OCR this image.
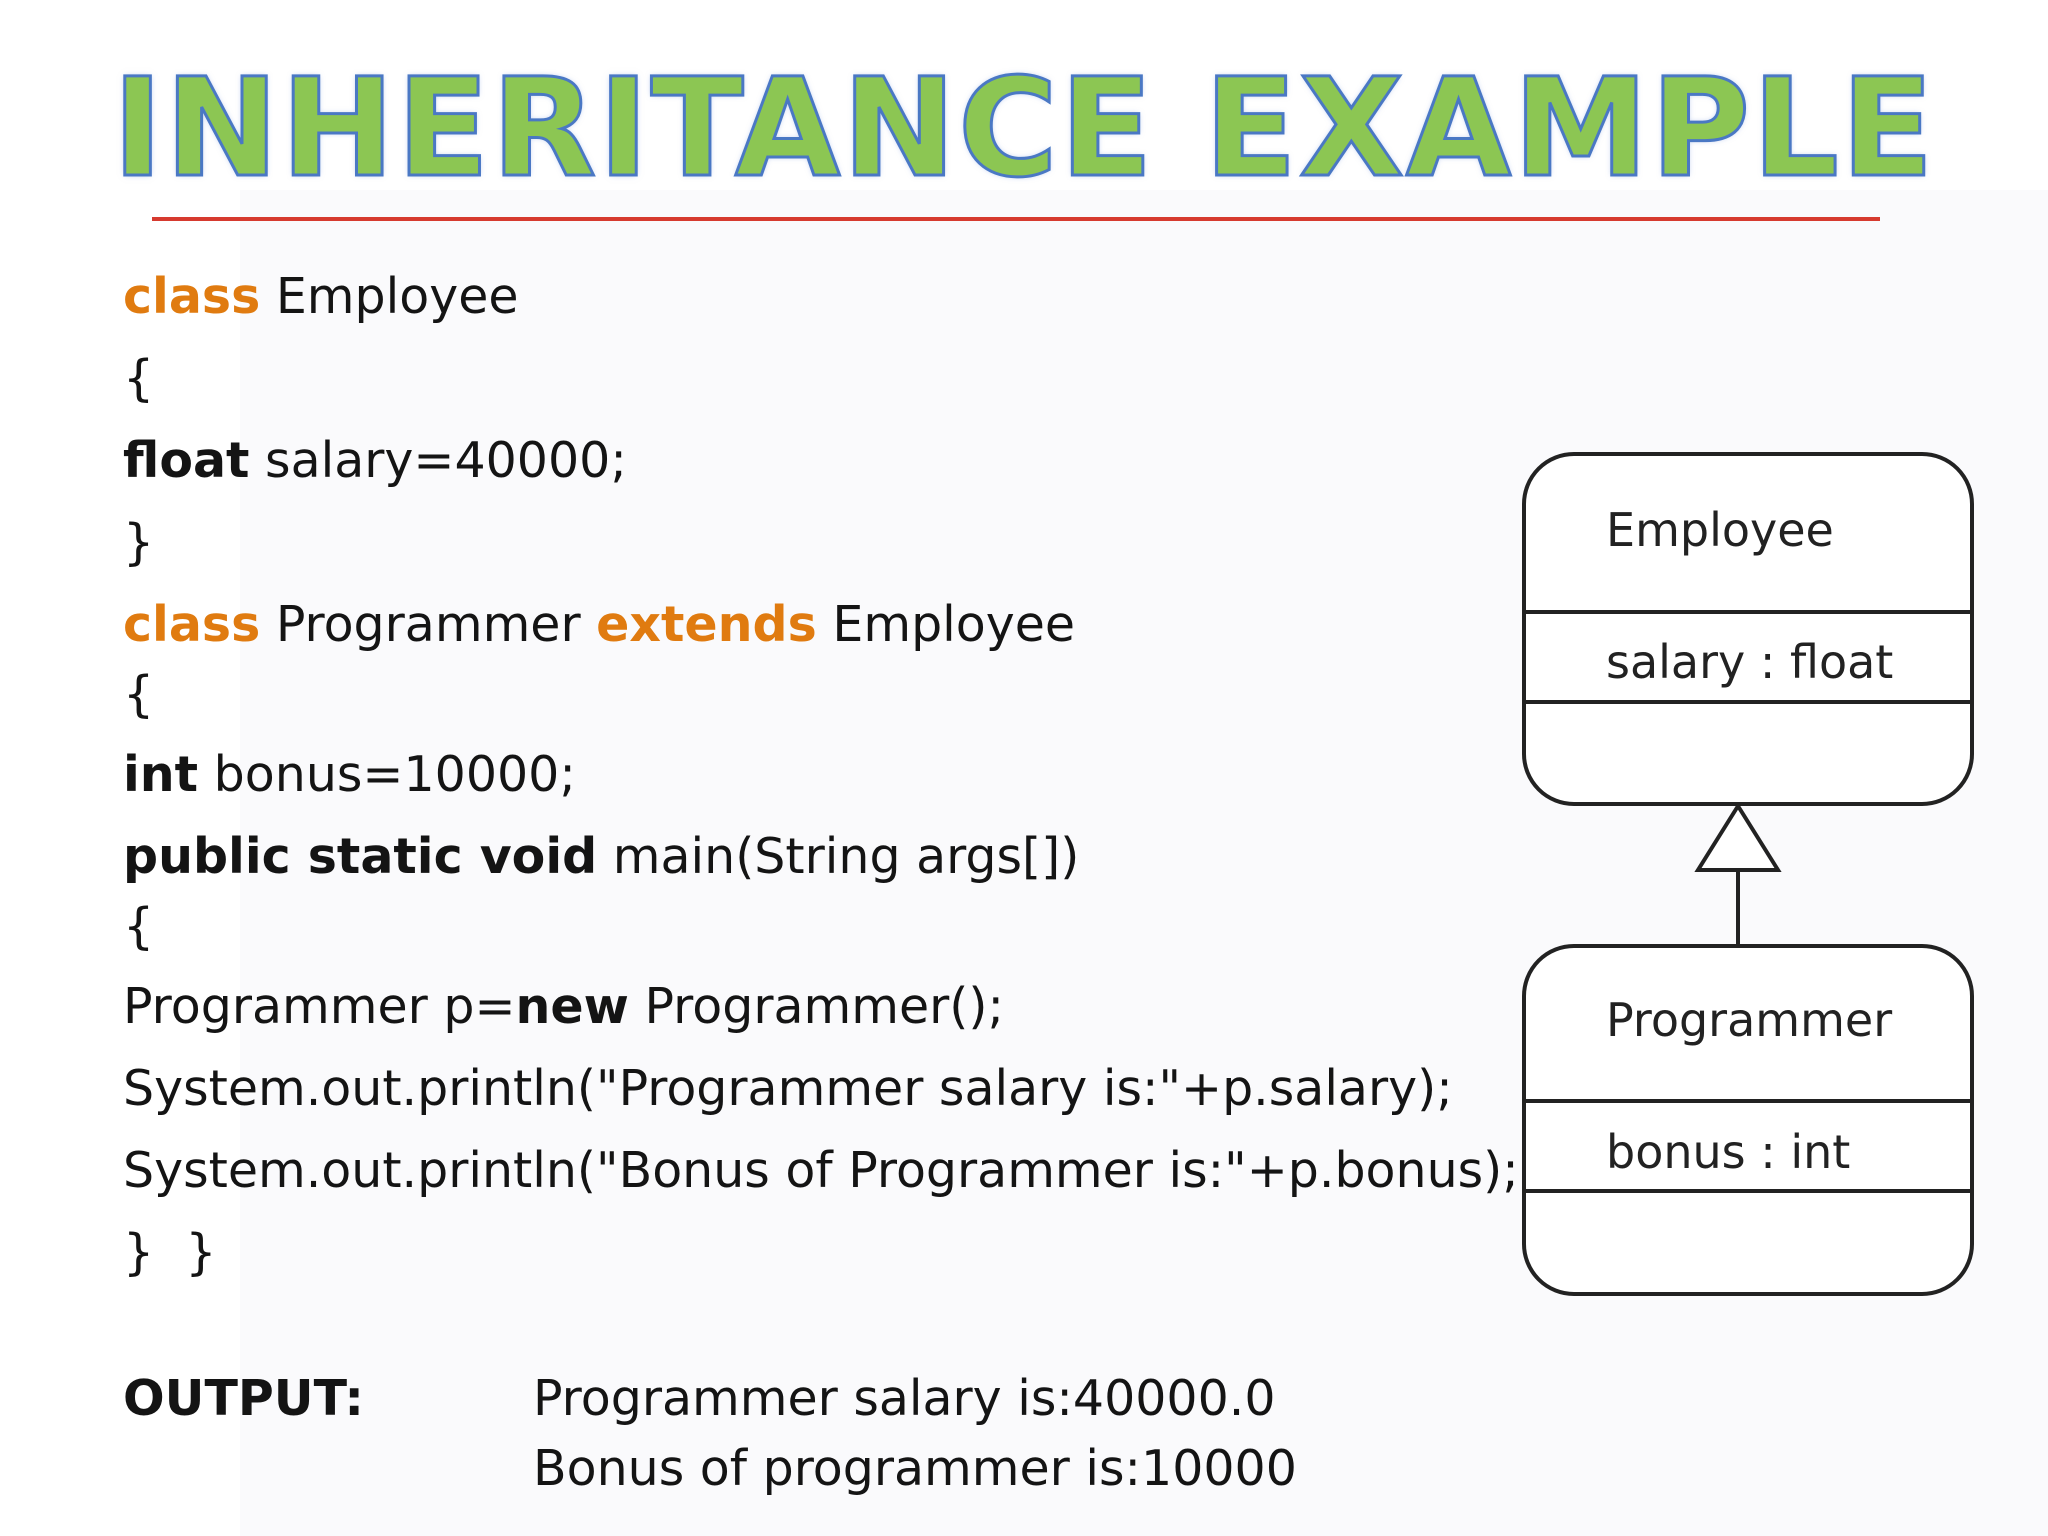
INHERITANCE EXAMPLE
class Employee
{
float salary=40000;
}
class Programmer extends Employee
{
int bonus=10000;
public static void main(String args[])
{
Programmer p=new Programmer();
System.out.println("Programmer salary is:"+p.salary);
System.out.println("Bonus of Programmer is:"+p.bonus);
}  }
OUTPUT:	Programmer salary is:40000.0
Bonus of programmer is:10000
Employee
salary : float
Programmer
bonus : int
